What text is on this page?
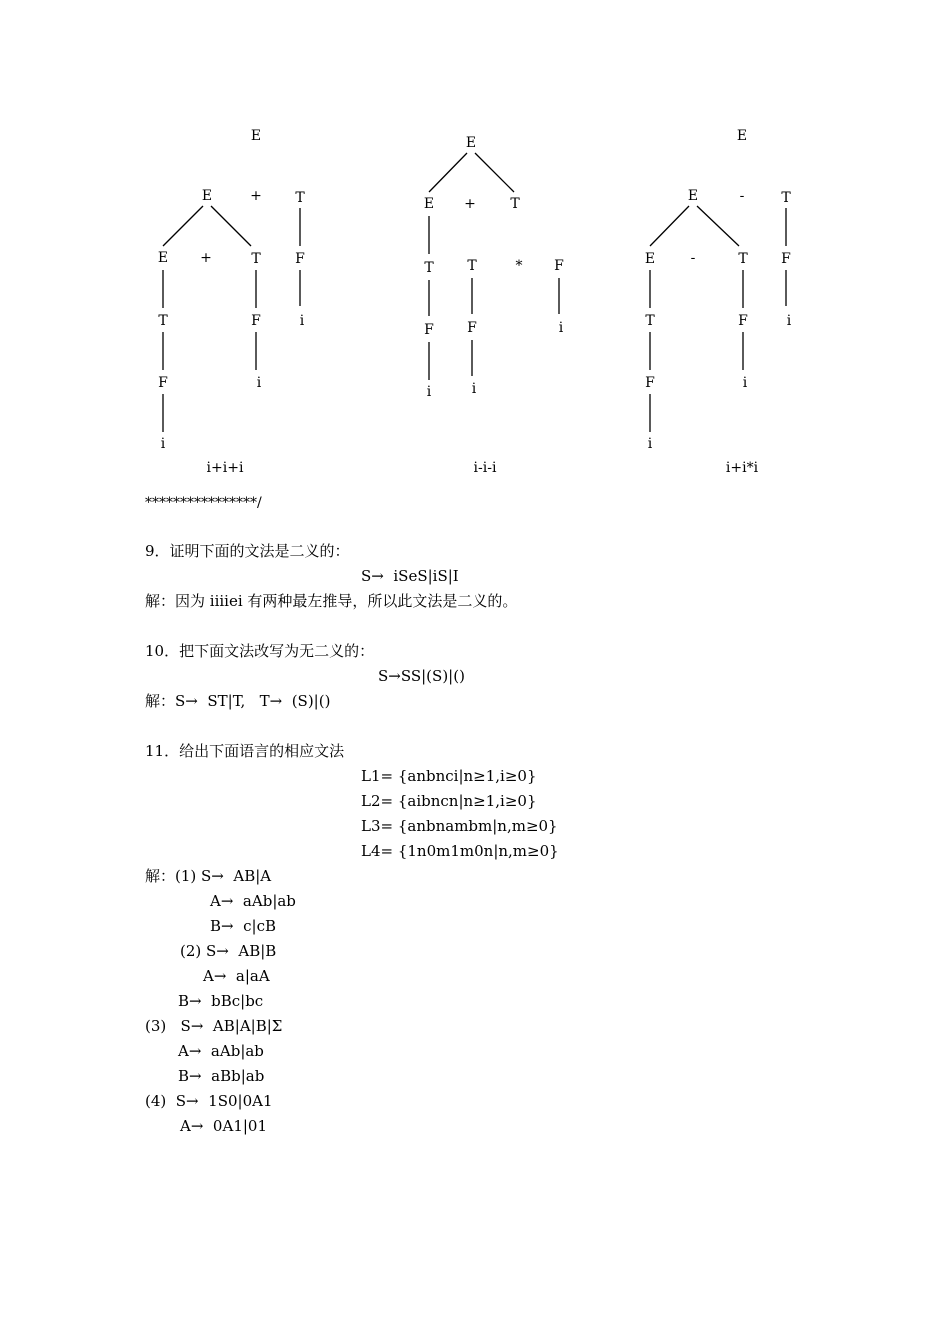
E
E	+ T
E +	T
T
F
F
F
i
i
i
i+i+i
E
E + T
T T	* F
F F	i
i	i
i-i-i
E
E	-	T
E	-	T F
T	F	i
F	i
i
i+i*i
****************/
9．证明下面的文法是二义的：
S→  iSeS|iS|I
解：因为 iiiiei 有两种最左推导，所以此文法是二义的。
10．把下面文法改写为无二义的：
S→SS|(S)|()
解：S→  ST|T,   T→  (S)|()
11．给出下面语言的相应文法
L1= {anbnci|n≥1,i≥0}
L2= {aibncn|n≥1,i≥0}
L3= {anbnambm|n,m≥0}
L4= {1n0m1m0n|n,m≥0}
解：(1) S→  AB|A
A→  aAb|ab
B→  c|cB
(2) S→  AB|B
A→  a|aA
B→  bBc|bc
(3)   S→  AB|A|B|Σ
A→  aAb|ab
B→  aBb|ab
(4)  S→  1S0|0A1
A→  0A1|01
